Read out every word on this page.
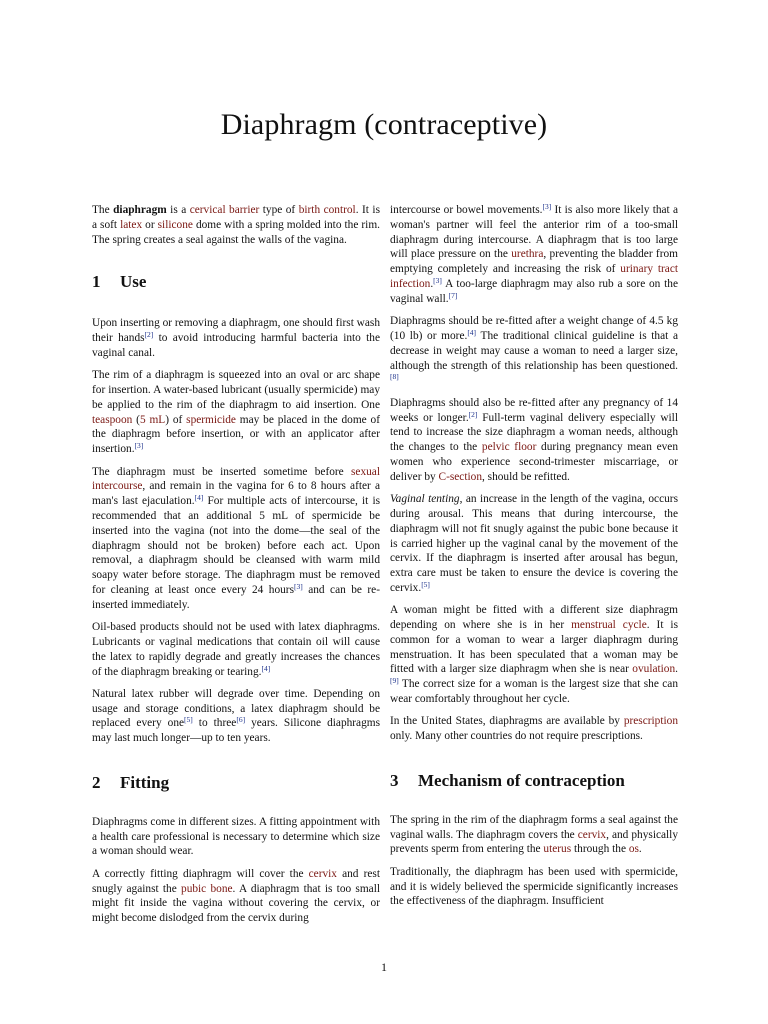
Diaphragm (contraceptive)

The diaphragm is a cervical barrier type of birth control. It is a soft latex or silicone dome with a spring molded into the rim. The spring creates a seal against the walls of the vagina.

1 Use

Upon inserting or removing a diaphragm, one should first wash their hands[2] to avoid introducing harmful bacteria into the vaginal canal.

The rim of a diaphragm is squeezed into an oval or arc shape for insertion. A water-based lubricant (usually spermicide) may be applied to the rim of the diaphragm to aid insertion. One teaspoon (5 mL) of spermicide may be placed in the dome of the diaphragm before insertion, or with an applicator after insertion.[3]

The diaphragm must be inserted sometime before sexual intercourse, and remain in the vagina for 6 to 8 hours after a man's last ejaculation.[4] For multiple acts of intercourse, it is recommended that an additional 5 mL of spermicide be inserted into the vagina (not into the dome—the seal of the diaphragm should not be broken) before each act. Upon removal, a diaphragm should be cleansed with warm mild soapy water before storage. The diaphragm must be removed for cleaning at least once every 24 hours[3] and can be re-inserted immediately.

Oil-based products should not be used with latex diaphragms. Lubricants or vaginal medications that contain oil will cause the latex to rapidly degrade and greatly increases the chances of the diaphragm breaking or tearing.[4]

Natural latex rubber will degrade over time. Depending on usage and storage conditions, a latex diaphragm should be replaced every one[5] to three[6] years. Silicone diaphragms may last much longer—up to ten years.

2 Fitting

Diaphragms come in different sizes. A fitting appointment with a health care professional is necessary to determine which size a woman should wear.

A correctly fitting diaphragm will cover the cervix and rest snugly against the pubic bone. A diaphragm that is too small might fit inside the vagina without covering the cervix, or might become dislodged from the cervix during

intercourse or bowel movements.[3] It is also more likely that a woman's partner will feel the anterior rim of a too-small diaphragm during intercourse. A diaphragm that is too large will place pressure on the urethra, preventing the bladder from emptying completely and increasing the risk of urinary tract infection.[3] A too-large diaphragm may also rub a sore on the vaginal wall.[7]

Diaphragms should be re-fitted after a weight change of 4.5 kg (10 lb) or more.[4] The traditional clinical guideline is that a decrease in weight may cause a woman to need a larger size, although the strength of this relationship has been questioned.[8]

Diaphragms should also be re-fitted after any pregnancy of 14 weeks or longer.[2] Full-term vaginal delivery especially will tend to increase the size diaphragm a woman needs, although the changes to the pelvic floor during pregnancy mean even women who experience second-trimester miscarriage, or deliver by C-section, should be refitted.

Vaginal tenting, an increase in the length of the vagina, occurs during arousal. This means that during intercourse, the diaphragm will not fit snugly against the pubic bone because it is carried higher up the vaginal canal by the movement of the cervix. If the diaphragm is inserted after arousal has begun, extra care must be taken to ensure the device is covering the cervix.[5]

A woman might be fitted with a different size diaphragm depending on where she is in her menstrual cycle. It is common for a woman to wear a larger diaphragm during menstruation. It has been speculated that a woman may be fitted with a larger size diaphragm when she is near ovulation.[9] The correct size for a woman is the largest size that she can wear comfortably throughout her cycle.

In the United States, diaphragms are available by prescription only. Many other countries do not require prescriptions.

3 Mechanism of contraception

The spring in the rim of the diaphragm forms a seal against the vaginal walls. The diaphragm covers the cervix, and physically prevents sperm from entering the uterus through the os.

Traditionally, the diaphragm has been used with spermicide, and it is widely believed the spermicide significantly increases the effectiveness of the diaphragm. Insufficient

1
